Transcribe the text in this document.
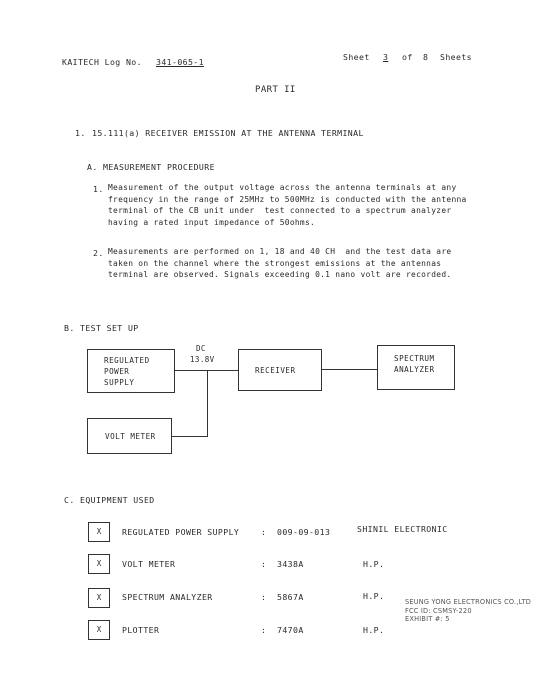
KAITECH Log No. 341-065-1	Sheet 3 of 8 Sheets
PART II
1. 15.111(a) RECEIVER EMISSION AT THE ANTENNA TERMINAL
A. MEASUREMENT PROCEDURE
1. Measurement of the output voltage across the antenna terminals at any
frequency in the range of 25MHz to 500MHz is conducted with the antenna
terminal of the CB unit under  test connected to a spectrum analyzer
having a rated input impedance of 50ohms.
2. Measurements are performed on 1, 18 and 40 CH  and the test data are
taken on the channel where the strongest emissions at the antennas
terminal are observed. Signals exceeding 0.1 nano volt are recorded.
B. TEST SET UP
DC
13.8V
REGULATED
POWER
SUPPLY
RECEIVER
SPECTRUM
ANALYZER
VOLT METER
C. EQUIPMENT USED
X	REGULATED POWER SUPPLY	: 009-09-013	SHINIL ELECTRONIC
X	VOLT METER	: 3438A	H.P.
X	SPECTRUM ANALYZER	: 5867A	H.P.
X	PLOTTER	: 7470A	H.P.
SEUNG YONG ELECTRONICS CO.,LTD
FCC ID: CSMSY-220
EXHIBIT #: 5
